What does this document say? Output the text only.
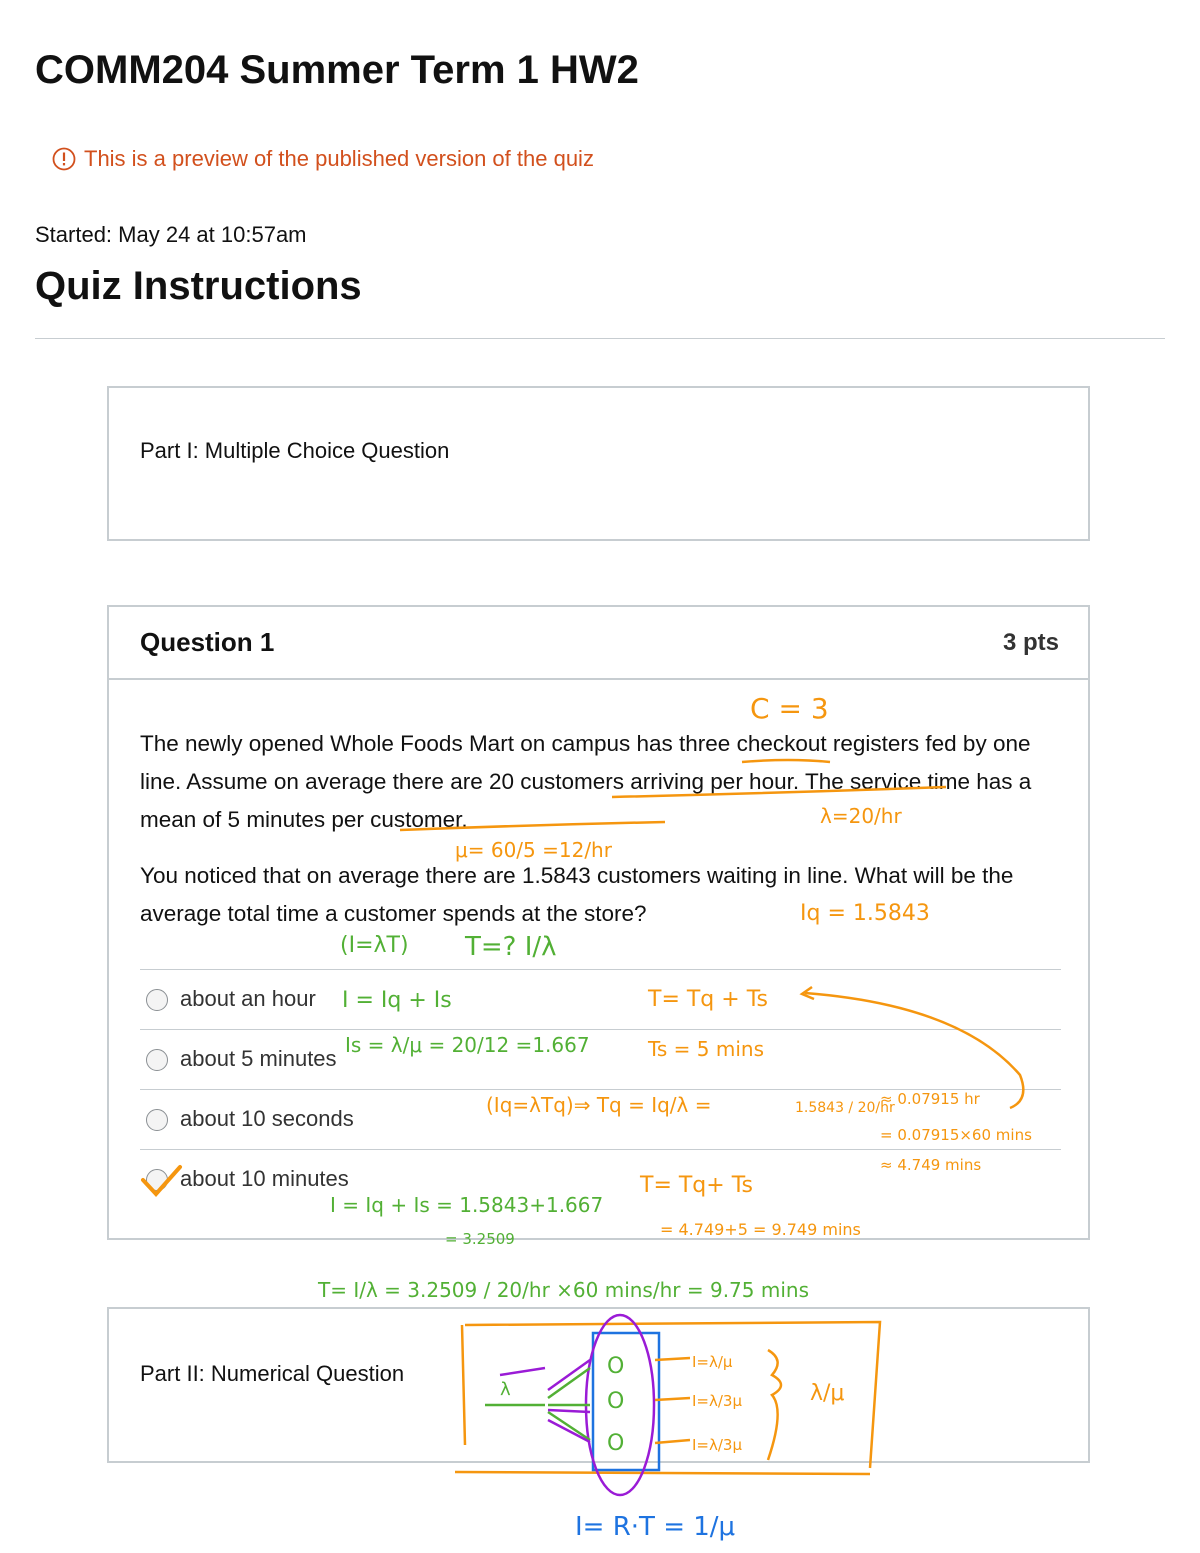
COMM204 Summer Term 1 HW2
This is a preview of the published version of the quiz
Started: May 24 at 10:57am
Quiz Instructions
Part I: Multiple Choice Question
Question 1	3 pts

The newly opened Whole Foods Mart on campus has three checkout registers fed by one line. Assume on average there are 20 customers arriving per hour. The service time has a mean of 5 minutes per customer.

You noticed that on average there are 1.5843 customers waiting in line. What will be the average total time a customer spends at the store?

about an hour
about 5 minutes
about 10 seconds
about 10 minutes
Part II: Numerical Question
C = 3
λ=20/hr
μ= 60/5 =12/hr
Iq = 1.5843
(I=λT) T=? I/λ
I = Iq + Is
Is = λ/μ = 20/12 =1.667
T= Tq + Ts
Ts = 5 mins
(Iq=λTq)⇒ Tq = Iq/λ =	1.5843 / 20/hr
≈ 0.07915 hr
= 0.07915×60 mins
≈ 4.749 mins
T= Tq+ Ts
= 4.749+5 = 9.749 mins
I = Iq + Is = 1.5843+1.667
= 3.2509
T= I/λ = 3.2509 / 20/hr ×60 mins/hr = 9.75 mins
O
O
O
λ
I=λ/μ
I=λ/3μ
I=λ/3μ
λ/μ
I= R·T = 1/μ
